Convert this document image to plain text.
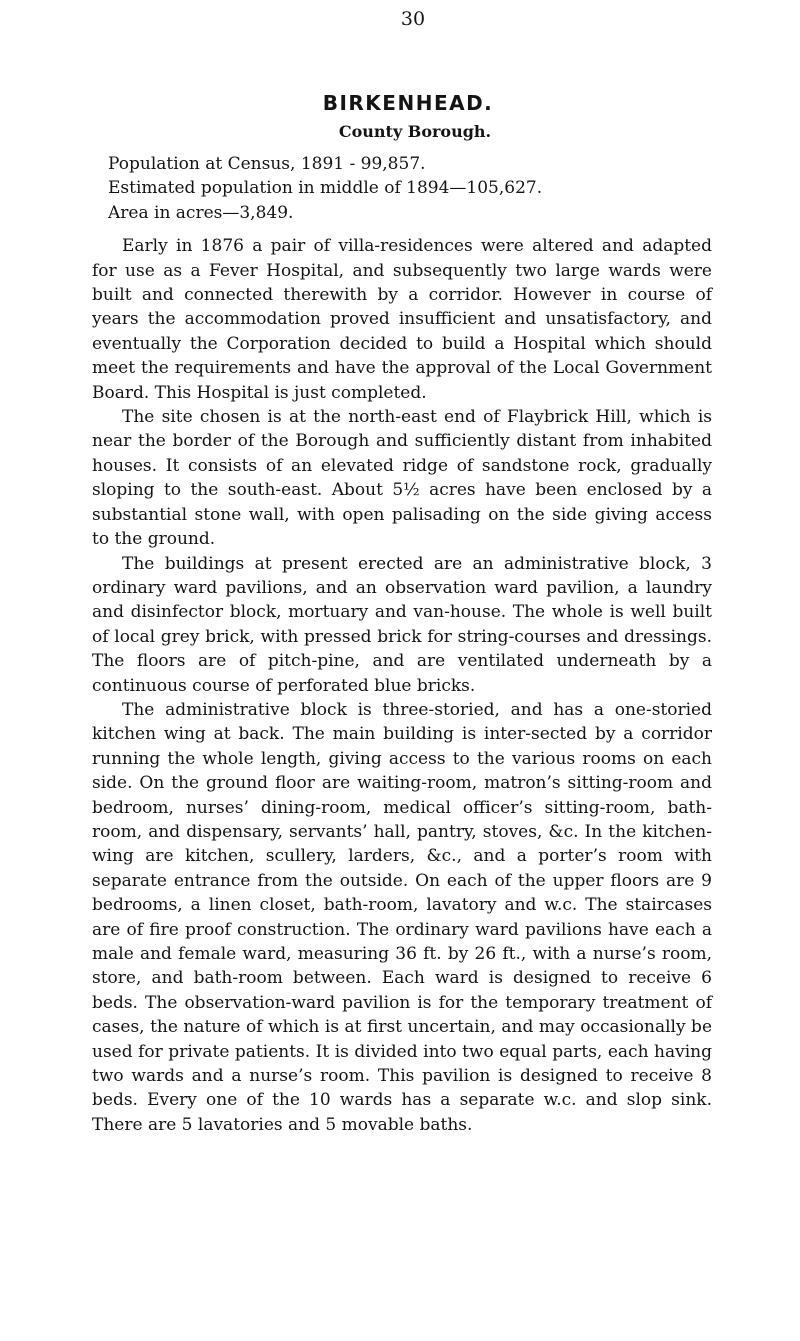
30
BIRKENHEAD.
County Borough.
Population at Census, 1891 - 99,857.
Estimated population in middle of 1894—105,627.
Area in acres—3,849.

Early in 1876 a pair of villa-residences were altered and adapted for use as a Fever Hospital, and subsequently two large wards were built and connected therewith by a corridor. However in course of years the accommodation proved insufficient and unsatisfactory, and eventually the Corporation decided to build a Hospital which should meet the requirements and have the approval of the Local Government Board. This Hospital is just completed.

The site chosen is at the north-east end of Flaybrick Hill, which is near the border of the Borough and sufficiently distant from inhabited houses. It consists of an elevated ridge of sandstone rock, gradually sloping to the south-east. About 5½ acres have been enclosed by a substantial stone wall, with open palisading on the side giving access to the ground.

The buildings at present erected are an administrative block, 3 ordinary ward pavilions, and an observation ward pavilion, a laundry and disinfector block, mortuary and van-house. The whole is well built of local grey brick, with pressed brick for string-courses and dressings. The floors are of pitch-pine, and are ventilated underneath by a continuous course of perforated blue bricks.

The administrative block is three-storied, and has a one-storied kitchen wing at back. The main building is inter-sected by a corridor running the whole length, giving access to the various rooms on each side. On the ground floor are waiting-room, matron’s sitting-room and bedroom, nurses’ dining-room, medical officer’s sitting-room, bath-room, and dispensary, servants’ hall, pantry, stoves, &c. In the kitchen-wing are kitchen, scullery, larders, &c., and a porter’s room with separate entrance from the outside. On each of the upper floors are 9 bedrooms, a linen closet, bath-room, lavatory and w.c. The staircases are of fire proof construction. The ordinary ward pavilions have each a male and female ward, measuring 36 ft. by 26 ft., with a nurse’s room, store, and bath-room between. Each ward is designed to receive 6 beds. The observation-ward pavilion is for the temporary treatment of cases, the nature of which is at first uncertain, and may occasionally be used for private patients. It is divided into two equal parts, each having two wards and a nurse’s room. This pavilion is designed to receive 8 beds. Every one of the 10 wards has a separate w.c. and slop sink. There are 5 lavatories and 5 movable baths.
